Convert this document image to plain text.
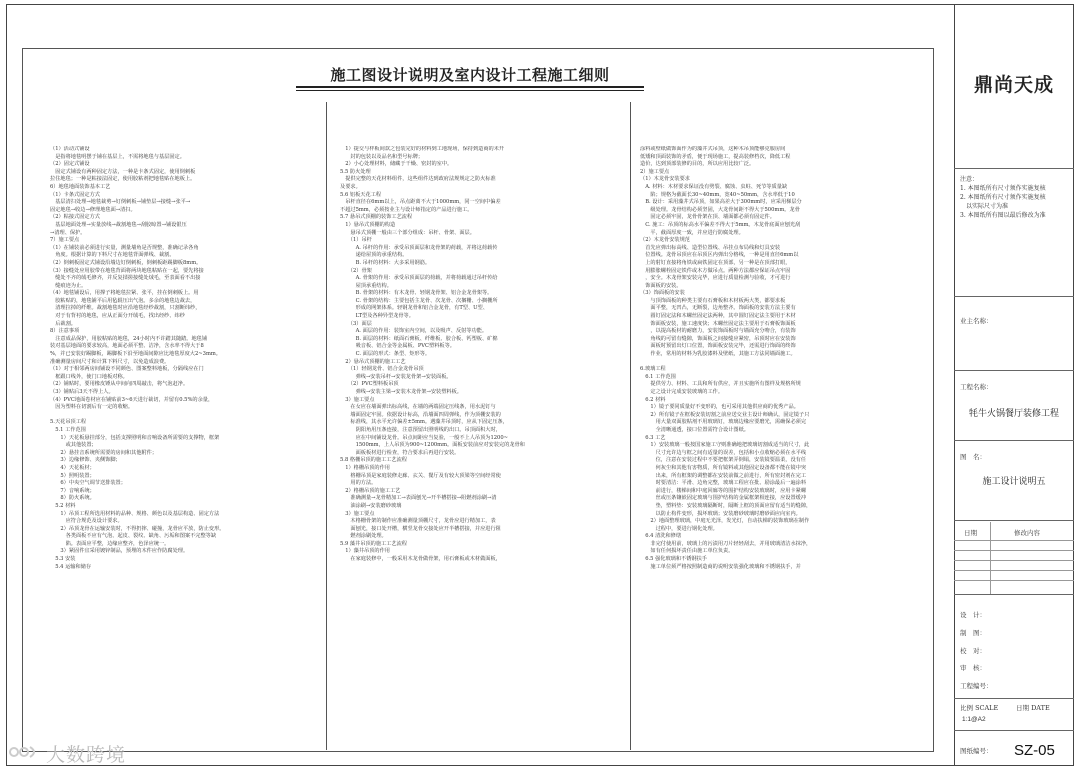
施工图设计说明及室内设计工程施工细则
（1）活动式铺设
　是指将地毯明摆于铺在基层上，不需将地毯与基层固定。
（2）固定式铺设
　固定式铺设有两种固定方法，一种是卡条式固定，使用倒刺板
拉住地毯；一种是粘接法固定，使用胶粘剂把地毯贴在地板上。
6）地毯地面装饰基本工艺
（1）卡条式固定方式
　基层清扫处理→地毯裁剪→钉倒刺板→铺垫层→接缝→张平→
固定地毯→收边→修理地毯面→清扫。
（2）粘接式固定方式
　基层地面处理→实量放线→裁割地毯→刮胶晾置→铺设银压
→清理、保护。
7）施工要点
（1）在铺装前必须进行实量，测量墙角是否规整，准确记录各角
　角度。根据计算的下料尺寸在地毯背面弹线、裁割。
（2）倒刺板固定式铺设沿墙边钉倒刺板，倒刺板距踢脚板8mm。
（3）接缝处应用胶带在地毯背面将两块地毯粘贴在一起，要先将接
　缝处不齐的绒毛修齐，并反复揉搓接缝处绒毛，至表面看不出接
　缝痕迹为止。
（4）地毯铺设后，用撑子将地毯拉紧、张平，挂在倒刺板上。用
　胶粘贴的，地毯铺平后用毡辊压出气泡。多余的地毯边裁去，
　清理拉掉的纤维。裁割地毯时应沿地毯经纱裁割，只割断纬纱，
　对于有背衬的地毯，应从正面分开绒毛，找出经纱、纬纱
　后裁割。
8）注意事项
　注意成品保护，用胶粘贴的地毯，24小时内不许踏其随踏。地毯铺
装对基层地面的要求较高，地面必须平整、洁净，含水率不得大于8
%，并已安装好踢脚板，踢脚板下沿至地面间隙应比地毯厚度大2~3mm。
准确测量房间尺寸和计算下料尺寸，以免造成浪费。
（1）对于相邻两房间铺设不同颜色、图案整料地板，分隔线应在门
　框跟口线外，使门口地板对称。
（2）铺贴时，要用橡皮锤从中间向四周敲击，将气泡赶净。
（3）铺贴后3天不得上人。
（4）PVC地面卷材应在铺贴前3~6天进行裁切，并留有0.5%的余量，
　因为塑料在切割后有一定的收缩。
5.天花吊顶工程
　5.1 工作范围
　　1）天花板悬挂部分，包括支撑照明和音响设备所需要的支撑物，框架
　　　或其他装置；
　　2）悬挂音系统所需要的房间和其他附件；
　　3）边缘修饰、夹侧饰脚；
　　4）天花板材；
　　5）照明装置；
　　6）中央空气调节送排装置；
　　7）音响系统；
　　8）防火系统。
　5.2 材料
　　1）吊顶工程所选用材料的品种、规格、颜色以及基层构造、固定方法
　　　应符合规范及设计要求。
　　2）吊顶龙骨在运输安装时，不得扔摔、碰撞，龙骨应平放，防止变形。
　　　各类面板不应有气泡、起皮、裂纹、缺角、污垢和图案不完整等缺
　　　陷。表面应平整，边缘应整齐，色泽应统一。
　　3）紧固件宜采用镀锌制品，预埋的木件应作防腐处理。
　5.3 安装
　5.4 运输和储存
　1）提交与样板间款之包装完好的材料到工地现场，保持到造商的未开
　　封的包装以及品名和型号标牌；
　2）小心处理材料，储藏于干燥、密封的室中。
5.5 防火处理
　提供完整的天花材料组件，这些组件达到政府法规规定之防火标准
及要求。
5.6 铝板天花工程
　吊杆直径在6mm以上，吊点距离不大于1000mm，同一空间中偏差
不超过5mm，必须按业主与设计师指定的产品进行施工。
5.7 悬吊式顶棚的装饰工艺流程
　1）悬吊式顶棚的构造
　　悬吊式顶棚一般由三个部分组成：吊杆、骨架、面层。
　　（1）吊杆
　　　A. 吊杆的作用：承受吊顶面层和龙骨架的荷载，并将这荷载传
　　　递给屋顶的承重结构。
　　　B. 吊杆的材料：大多采用钢筋。
　　（2）骨架
　　　A. 骨架的作用：承受吊顶面层的荷载，并将荷载通过吊杆传给
　　　屋顶承重结构。
　　　B. 骨架的材料：有木龙骨、轻钢龙骨架、铝合金龙骨架等。
　　　C. 骨架的结构：主要包括主龙骨、次龙骨、次搁栅、小搁栅所
　　　形成的网架体系。轻钢龙骨和铝合金龙骨，有T型、U型、
　　　LT型及各种异型龙骨等。
　　（3）面层
　　　A. 面层的作用：装饰室内空间，以及吸声、反射等功能。
　　　B. 面层的材料：纸面石膏板、纤维板、胶合板、钙塑板、矿棉
　　　吸音板、铝合金等金属板、PVC塑料板等。
　　　C. 面层的形式：条型、矩形等。
　2）悬吊式顶棚的施工工艺
　　（1）轻钢龙骨、铝合金龙骨吊顶
　　　弹线→安装吊杆→安装龙骨架→安装面板。
　　（2）PVC塑料板吊顶
　　　弹线→安装主梁→安装木龙骨架→安装塑料板。
　3）施工要点
　　在女应在墙面弹出标高线，在墙的两端固定压线条，用水泥钉与
　　墙面固定牢固。依据设计标高，沿墙面四周弹线，作为顶棚安装的
　　标准线，其水平允许偏差±5mm。遇藻井吊顶时，应从下固定压条，
　　　阴阳角用压条连接，注意预留出照明线的出口。吊顶面积大时，
　　　应在中间铺设龙骨。吊点间距应当复验，一般不上人吊顶为1200~
　　　1500mm，上人吊顶为900~1200mm。面板安装前应对安装完的龙骨和
　　　面板板材进行检查，符合要求后再进行安装。
5.8 格栅吊顶的施工工艺流程
　1）格栅吊顶的作用
　　格栅吊顶是家庭装修走廊、玄关、餐厅及有较大顶梁等空间经常使
　　用的方法。
　2）格栅吊顶的施工工艺
　　准确测量→龙骨精加工→表面刨光→开半槽搭接→阻燃剂涂刷→清
　　油涂刷→安装磨砂玻璃
　3）施工要点
　　木格栅骨架的制作应准确测量顶棚尺寸，龙骨应进行精加工，表
　　面刨光，接口处开槽，横竖龙骨交接处应开半槽搭接，并应进行阻
　　燃剂涂刷处理。
5.9 藻井吊顶的施工工艺流程
　1）藻井吊顶的作用
　　在家庭装修中，一般采用木龙骨做骨架，用石膏板或木材做面板，
涂料或壁纸做饰面作为的藻井式吊顶，这种木吊顶能够克服房间
低矮和顶面装饰的矛盾，便于现场施工，提高装修档次，降低工程
造价，达到顶部装修的目的，所以应用比较广泛。
2）施工要点
（1）木龙骨安装要求
　A. 材料：木材要求保证没有劈裂、腐蚀、虫蛀、死节等质量缺
　　陷；规格为截面长30~40mm，宽40~50mm，含水率低于10
　B. 设计：采用藻井式吊顶，如果高差大于300mm时，应采用梯层分
　　级处理。龙骨结构必须坚固，大龙骨间距不得大于500mm。龙骨
　　固定必须牢固，龙骨骨架在顶、墙面都必须有固定件。
　C. 施工：吊顶的标高水平偏差不得大于5mm。木龙骨底面应刨光刮
　　平，截面厚度一致，并应进行防腐处理。
（2）木龙骨安装规范
　首先应弹出标高线、造型位置线、吊挂点布局线和灯具安装
　位置线。龙骨吊顶应在吊顶区内弹出分格线，一种是用直径6mm以
　上的射钉直接将角铁或扁铁固定在顶部，另一种是在顶部打眼，
　用膨胀螺栓固定铁件或木方做吊点。两种方法都应保证吊点牢固
　，安全。木龙骨架安装完毕，应进行质量检测与验收，才可进行
　饰面板的安装。
（3）饰面板的安装
　　与顶饰面板的种类主要有石膏板和木材板两大类，都要求板
　　面平整，无凹凸，无断裂，边角整齐。饰面板的安装方法主要有
　　圆钉固定法和木螺丝固定法两种，其中圆钉固定法主要用于木材
　　饰面板安装，施工速度快；木螺丝固定法主要用于石膏板饰面板
　　，以提高板材的耐磨力，安装饰面板时与墙面充分吻合，有装饰
　　角线的可留有缝隙，饰面板之间接缝应紧密，吊顶时应在安装饰
　　面板时预留出灯口位置，饰面板安装完毕，还需进行饰面的终饰
　　作业，常用的材料为乳胶漆料及壁纸，其施工方法同墙面施工。
6.玻璃工程
　6.1 工作范围
　　提供劳力、材料、工具和所有供应，并且实施所有图样及规格所规
　　定之设计完成安装玻璃的工作。
　6.2 材料
　　1）镜子要同质量好不变形的，也可采用其他供应商的优秀产品。
　　2）所有镜子在框板安装切割之前应送交业主设计师确认，固定镜子只
　　　用大量双面胶粘剂不用玻璃钉，玻璃边缘应要磨光，需确保必须完
　　　全清晰通透，接口位置需符合设计图纸。
　6.3 工艺
　　1）安装玻璃一般按国家施工守则准确地把玻璃切割成适当的尺寸，此
　　　尺寸允许边与框之间有适量的误差，包括和小点收缩必须在水平线
　　　位，注意在安装过程中不要把框架弄倒塌，安装镜要温柔，没有任
　　　何灰尘和其他有害物质，所有镜料或其他固定设备都不能在镜中突
　　　出来，所有框架的调整都在安装前做之前进行，所有密封剂在完工
　　　时要清洁：平滑、边角完整，玻璃工程应在批、励涂最后一遍涂料
　　　前进行，楼梯间和中庭回廊等的围护结构安装玻璃时，应用卡紧螺
　　　丝或压条镶嵌固定玻璃与围护结构的金属框架相连接，应设置缓冲
　　　垫，塑料垫：安装玻璃隔断时，隔断上框的顶面应留有适当的缝隙，
　　　以防止构件变形，损坏玻璃；安装磨砂玻璃时磨砂面应向室内。
　　2）地面整理玻璃，中庭无光泽，发光灯，自动扶梯的装饰玻璃在制作
　　　过程中，要进行钢化处理。
　6.4 清洗和修缮
　　非完付使用前，玻璃上的污渍用刀片轻轻刮去，并用玻璃清洁水抹净，
　　如有任何损坏责任由施工单位负责。
　6.5 强化玻璃和不锈钢扶手
　　施工单位须严格按照制造商的说明安装强化玻璃和不锈钢扶手，并
鼎尚天成
注意：
1. 本图纸所有尺寸须作实施复核
2. 本图纸所有尺寸须作实施复核
以实际尺寸为准
3. 本图纸所有图以最后修改为准
业主名称：
工程名称：
牦牛火锅餐厅装修工程
图　名：
施工设计说明五
日期	修改内容
设　计：
制　图：
校　对：
审　核：
工程编号：
比例 SCALE	日期 DATE
1:1@A2
图纸编号： SZ-05
大数跨境
